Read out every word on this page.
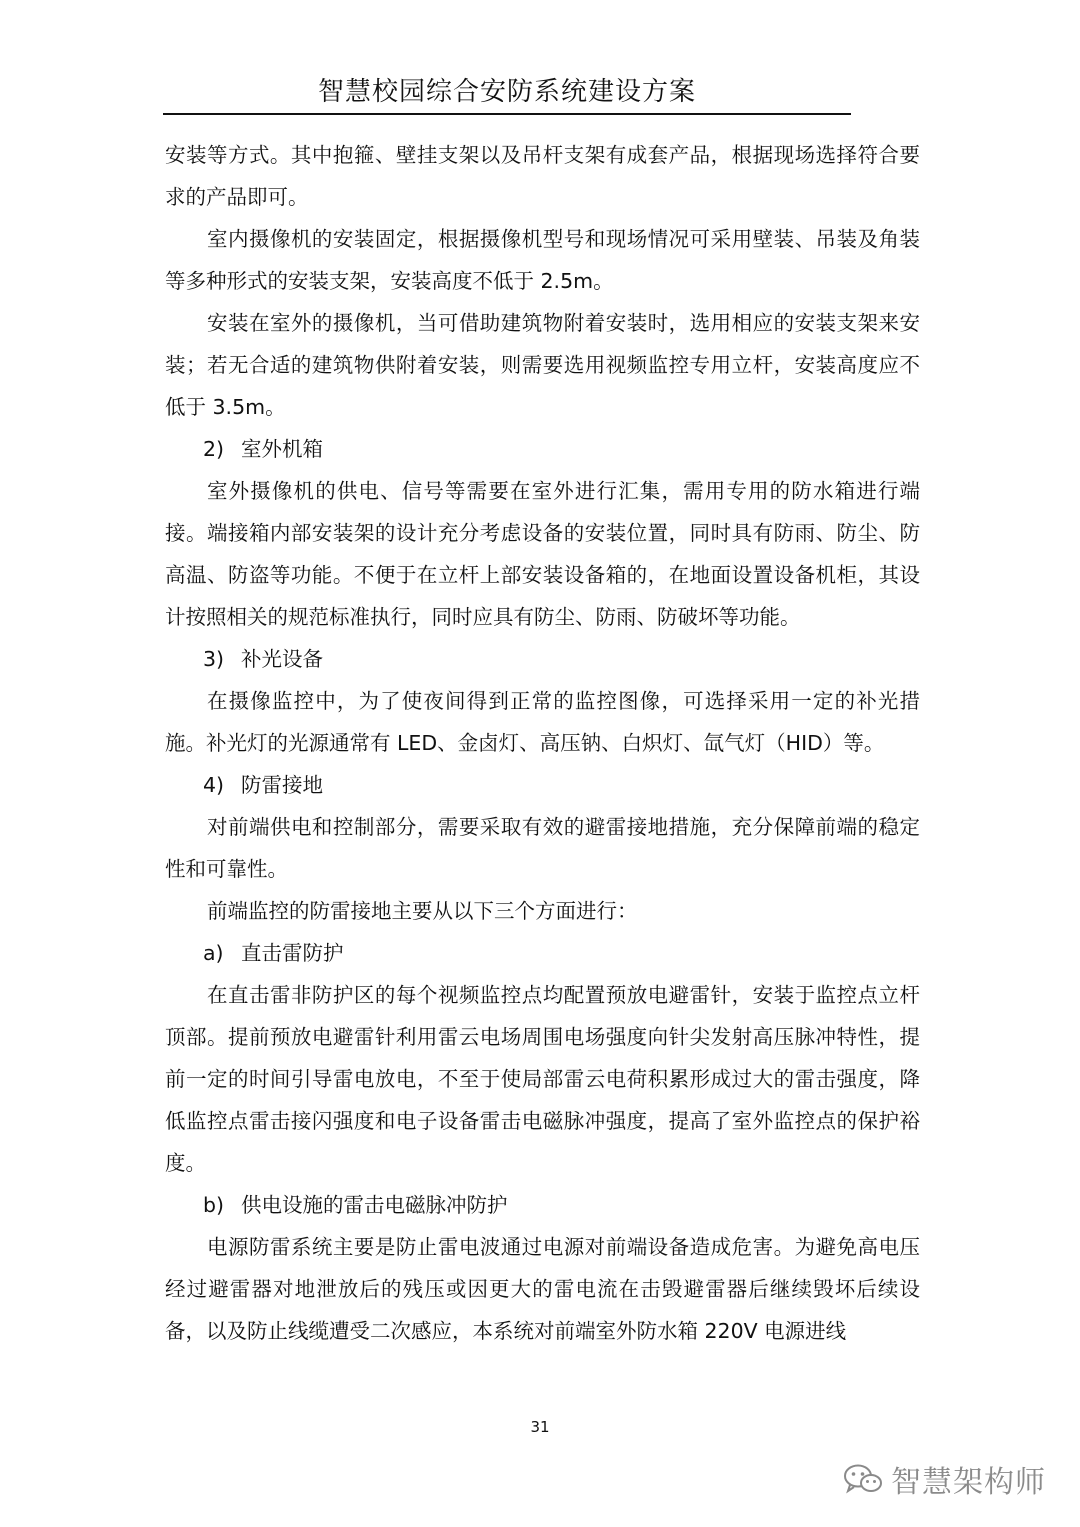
智慧校园综合安防系统建设方案

安装等方式。其中抱箍、壁挂支架以及吊杆支架有成套产品，根据现场选择符合要求的产品即可。

室内摄像机的安装固定，根据摄像机型号和现场情况可采用壁装、吊装及角装等多种形式的安装支架，安装高度不低于 2.5m。

安装在室外的摄像机，当可借助建筑物附着安装时，选用相应的安装支架来安装；若无合适的建筑物供附着安装，则需要选用视频监控专用立杆，安装高度应不低于 3.5m。

2) 室外机箱

室外摄像机的供电、信号等需要在室外进行汇集，需用专用的防水箱进行端接。端接箱内部安装架的设计充分考虑设备的安装位置，同时具有防雨、防尘、防高温、防盗等功能。不便于在立杆上部安装设备箱的，在地面设置设备机柜，其设计按照相关的规范标准执行，同时应具有防尘、防雨、防破坏等功能。

3) 补光设备

在摄像监控中，为了使夜间得到正常的监控图像，可选择采用一定的补光措施。补光灯的光源通常有 LED、金卤灯、高压钠、白炽灯、氙气灯（HID）等。

4) 防雷接地

对前端供电和控制部分，需要采取有效的避雷接地措施，充分保障前端的稳定性和可靠性。

前端监控的防雷接地主要从以下三个方面进行：

a) 直击雷防护

在直击雷非防护区的每个视频监控点均配置预放电避雷针，安装于监控点立杆顶部。提前预放电避雷针利用雷云电场周围电场强度向针尖发射高压脉冲特性，提前一定的时间引导雷电放电，不至于使局部雷云电荷积累形成过大的雷击强度，降低监控点雷击接闪强度和电子设备雷击电磁脉冲强度，提高了室外监控点的保护裕度。

b) 供电设施的雷击电磁脉冲防护

电源防雷系统主要是防止雷电波通过电源对前端设备造成危害。为避免高电压经过避雷器对地泄放后的残压或因更大的雷电流在击毁避雷器后继续毁坏后续设备，以及防止线缆遭受二次感应，本系统对前端室外防水箱 220V 电源进线

31
智慧架构师
